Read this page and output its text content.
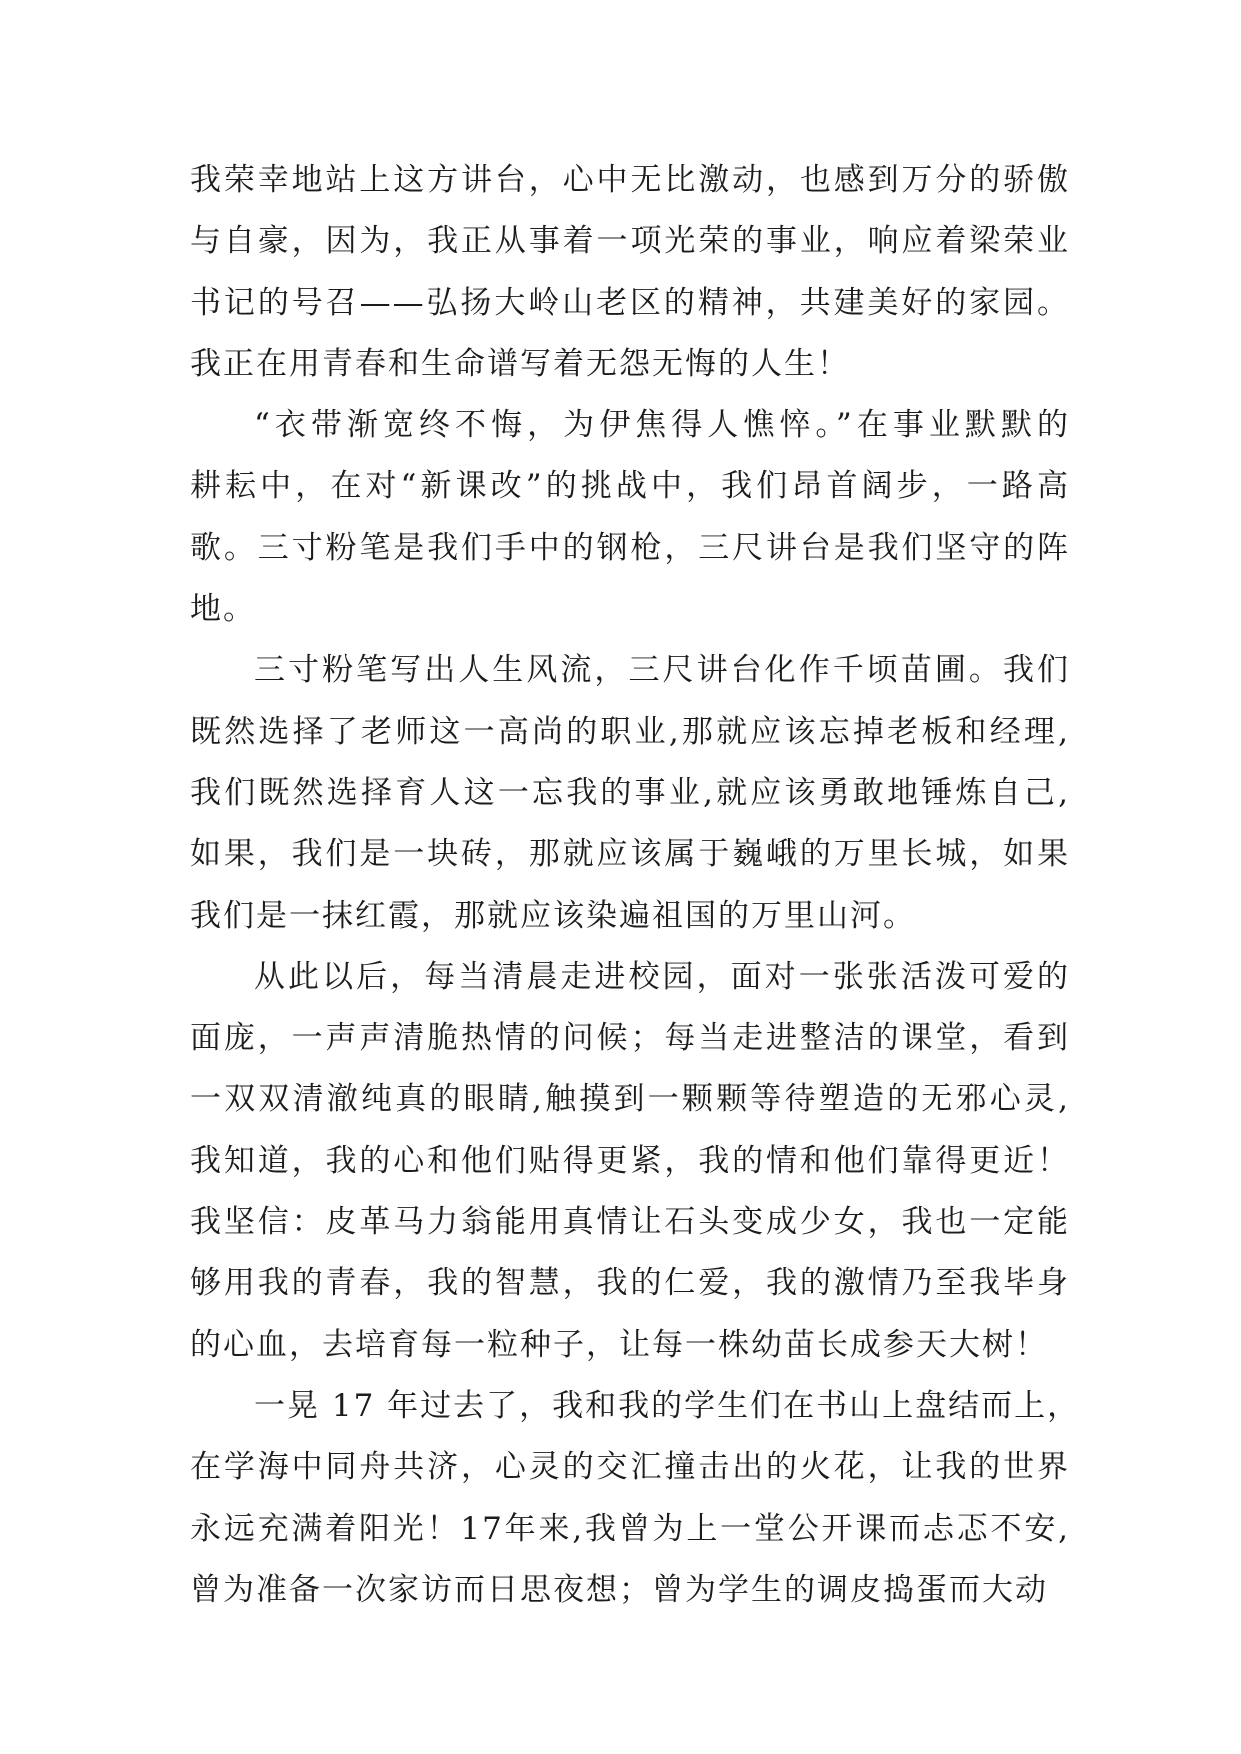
我荣幸地站上这方讲台，心中无比激动，也感到万分的骄傲
与自豪，因为，我正从事着一项光荣的事业，响应着梁荣业
书记的号召——弘扬大岭山老区的精神，共建美好的家园。
我正在用青春和生命谱写着无怨无悔的人生！
“衣带渐宽终不悔，为伊焦得人憔悴。”在事业默默的
耕耘中，在对“新课改”的挑战中，我们昂首阔步，一路高
歌。三寸粉笔是我们手中的钢枪，三尺讲台是我们坚守的阵
地。
三寸粉笔写出人生风流，三尺讲台化作千顷苗圃。我们
既然选择了老师这一高尚的职业,那就应该忘掉老板和经理,
我们既然选择育人这一忘我的事业,就应该勇敢地锤炼自己,
如果，我们是一块砖，那就应该属于巍峨的万里长城，如果
我们是一抹红霞，那就应该染遍祖国的万里山河。
从此以后，每当清晨走进校园，面对一张张活泼可爱的
面庞，一声声清脆热情的问候；每当走进整洁的课堂，看到
一双双清澈纯真的眼睛,触摸到一颗颗等待塑造的无邪心灵,
我知道，我的心和他们贴得更紧，我的情和他们靠得更近！
我坚信：皮革马力翁能用真情让石头变成少女，我也一定能
够用我的青春，我的智慧，我的仁爱，我的激情乃至我毕身
的心血，去培育每一粒种子，让每一株幼苗长成参天大树！
一晃 17 年过去了，我和我的学生们在书山上盘结而上，
在学海中同舟共济，心灵的交汇撞击出的火花，让我的世界
永远充满着阳光！17年来,我曾为上一堂公开课而忐忑不安,
曾为准备一次家访而日思夜想；曾为学生的调皮捣蛋而大动
